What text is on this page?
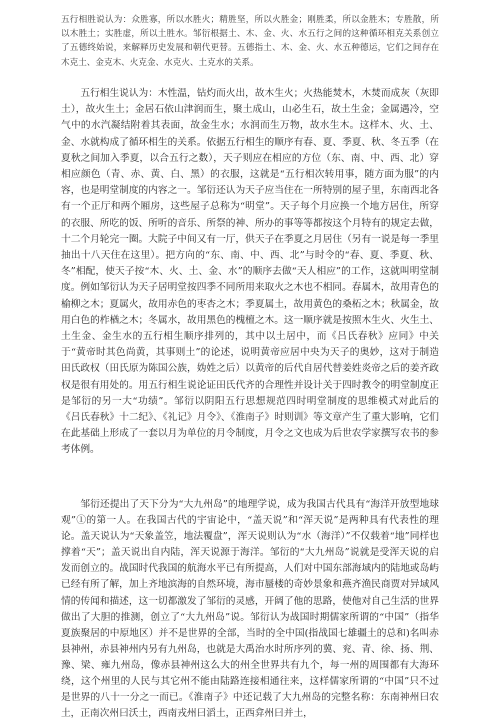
五行相胜说认为：众胜寡，所以水胜火；精胜坚，所以火胜金；刚胜柔，所以金胜木；专胜散，所以木胜土；实胜虚，所以土胜水。邹衍根据土、木、金、火、水五行之间的这种循环相克关系创立了五德终始说，来解释历史发展和朝代更替。五德指土、木、金、火、水五种德运，它们之间存在木克土、金克木、火克金、水克火、土克水的关系。

五行相生说认为：木性温，钻灼而火出，故木生火；火热能焚木，木焚而成灰（灰即土），故火生土；金居石依山津润而生，聚土成山，山必生石，故土生金；金属遇冷，空气中的水汽凝结附着其表面，故金生水；水润而生万物，故水生木。这样木、火、土、金、水就构成了循环相生的关系。依据五行相生的顺序有春、夏、季夏、秋、冬五季（在夏秋之间加入季夏，以合五行之数），天子则应在相应的方位（东、南、中、西、北）穿相应颜色（青、赤、黄、白、黑）的衣服，这就是“五行相次转用事，随方面为服”的内容，也是明堂制度的内容之一。邹衍还认为天子应当住在一所特别的屋子里，东南西北各有一个正厅和两个厢房，这些屋子总称为“明堂”。天子每个月应换一个地方居住，所穿的衣服、所吃的饭、所听的音乐、所祭的神、所办的事等等都按这个月特有的规定去做，十二个月轮完一圈。大院子中间又有一厅，供天子在季夏之月居住（另有一说是每一季里抽出十八天住在这里）。把方向的“东、南、中、西、北”与时令的“春、夏、季夏、秋、冬”相配，使天子按“木、火、土、金、水”的顺序去做“天人相应”的工作，这就叫明堂制度。例如邹衍认为天子居明堂按四季不同所用来取火之木也不相同。春属木，故用青色的榆柳之木；夏属火，故用赤色的枣杏之木；季夏属土，故用黄色的桑柘之木；秋属金，故用白色的柞楢之木；冬属水，故用黑色的槐檀之木。这一顺序就是按照木生火、火生土、土生金、金生水的五行相生顺序排列的，其中以土居中，而《吕氏春秋》应同》中关于“黄帝时其色尚黄，其事则土”的论述，说明黄帝应居中央为天子的奥妙，这对于制造田氏政权（田氏原为陈国公族，妫姓之后）以黄帝的后代自居代替姜姓炎帝之后的姜齐政权是很有用处的。用五行相生说论证田氏代齐的合理性并设计关于四时教令的明堂制度正是邹衍的另一大“功绩”。邹衍以阴阳五行思想规范四时明堂制度的思维模式对此后的《吕氏春秋》十二纪》、《礼记》月令》、《淮南子》时则训》等文章产生了重大影响，它们在此基础上形成了一套以月为单位的月令制度，月令之文也成为后世农学家撰写农书的参考体例。

邹衍还提出了天下分为“大九州岛”的地理学说，成为我国古代具有“海洋开放型地球观”①的第一人。在我国古代的宇宙论中，“盖天说”和“浑天说”是两种具有代表性的理论。盖天说认为“天象盖笠，地法覆盘”，浑天说则认为“水（海洋）”不仅载着“地”同样也撑着“天”；盖天说出自内陆，浑天说源于海洋。邹衍的“大九州岛”说就是受浑天说的启发而创立的。战国时代我国的航海水平已有所提高，人们对中国东部海域内的陆地或岛屿已经有所了解，加上齐地滨海的自然环境，海市蜃楼的奇妙景象和燕齐渔民商贾对异域风情的传闻和描述，这一切都激发了邹衍的灵感，开阔了他的思路，使他对自己生活的世界做出了大胆的推测，创立了“大九州岛”说。邹衍认为战国时期儒家所谓的“中国”（指华夏族聚居的中原地区）并不是世界的全部，当时的全中国(指战国七雄疆土的总和)名叫赤县神州，赤县神州内另有九州岛，也就是大禹治水时所序列的冀、兖、青、徐、扬、荆、豫、梁、雍九州岛，像赤县神州这么大的州全世界共有九个，每一州的周围都有大海环绕，这个州里的人民与其它州不能由陆路连接相通往来，这样儒家所谓的“中国”只不过是世界的八十一分之一而已。《淮南子》中还记载了大九州岛的完整名称：东南神州曰农土，正南次州曰沃土，西南戎州曰滔土，正西弇州曰并土，
